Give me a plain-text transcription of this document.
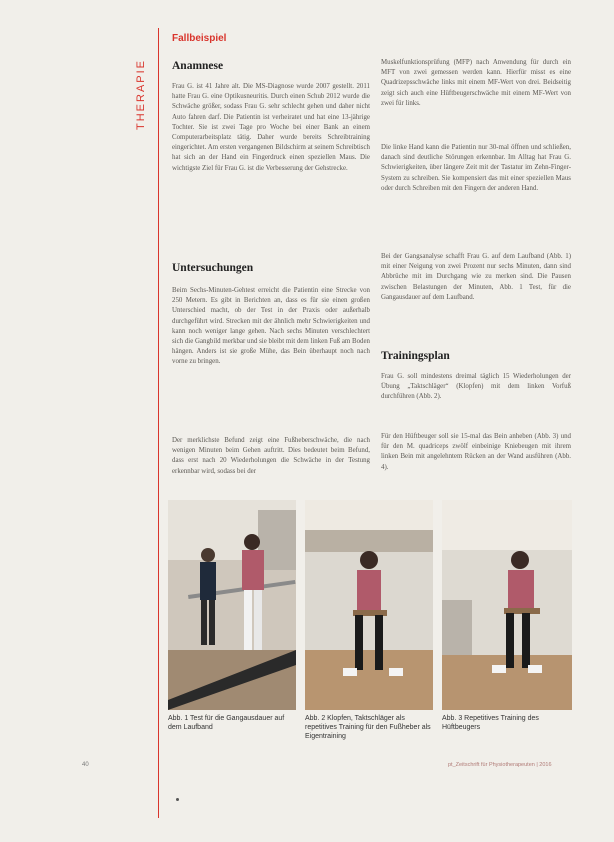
THERAPIE
Fallbeispiel
Anamnese
Frau G. ist 41 Jahre alt. Die MS-Diagnose wurde 2007 gestellt. 2011 hatte Frau G. eine Optikusneuritis. Durch einen Schub 2012 wurde die Schwäche größer, sodass Frau G. sehr schlecht gehen und daher nicht Auto fahren darf. Die Patientin ist verheiratet und hat eine 13-jährige Tochter. Sie ist zwei Tage pro Woche bei einer Bank an einem Computerarbeitsplatz tätig. Daher wurde bereits Schreibtraining eingerichtet. Am ersten vergangenen Bildschirm at seinem Schreibtisch hat sich an der Hand ein Fingerdruck einen speziellen Maus. Die wichtigste Ziel für Frau G. ist die Verbesserung der Gehstrecke.
Untersuchungen
Beim Sechs-Minuten-Gehtest erreicht die Patientin eine Strecke von 250 Metern. Es gibt in Berichten an, dass es für sie einen großen Unterschied macht, ob der Test in der Praxis oder außerhalb durchgeführt wird. Strecken mit der ähnlich mehr Schwierigkeiten und kann noch weniger lange gehen. Nach sechs Minuten verschlechtert sich die Gangbild merkbar und sie bleibt mit dem linken Fuß am Boden hängen. Anders ist sie große Mühe, das Bein überhaupt noch nach vorne zu bringen.
Der merklichste Befund zeigt eine Fußheberschwäche, die nach wenigen Minuten beim Gehen auftritt. Dies bedeutet beim Befund, dass erst nach 20 Wiederholungen die Schwäche in der Testung erkennbar wird, sodass bei der
Muskelfunktionsprüfung (MFP) nach Anwendung für durch ein MFT von zwei gemessen werden kann. Hierfür misst es eine Quadrizepsschwäche links mit einem MF-Wert von drei. Beidseitig zeigt sich auch eine Hüftbeugerschwäche mit einem MF-Wert von zwei für links.
Die linke Hand kann die Patientin nur 30-mal öffnen und schließen, danach sind deutliche Störungen erkennbar. Im Alltag hat Frau G. Schwierigkeiten, über längere Zeit mit der Tastatur im Zehn-Finger-System zu schreiben. Sie kompensiert das mit einer speziellen Maus oder durch Schreiben mit den Fingern der anderen Hand.
Bei der Gangsanalyse schafft Frau G. auf dem Laufband (Abb. 1) mit einer Neigung von zwei Prozent nur sechs Minuten, dann sind Abbrüche mit im Durchgang wie zu merken sind. Die Pausen zwischen Belastungen der Minuten, Abb. 1 Test, für die Gangausdauer auf dem Laufband.
Trainingsplan
Frau G. soll mindestens dreimal täglich 15 Wiederholungen der Übung „Taktschläger“ (Klopfen) mit dem linken Vorfuß durchführen (Abb. 2).
Für den Hüftbeuger soll sie 15-mal das Bein anheben (Abb. 3) und für den M. quadriceps zwölf einbeinige Kniebeugen mit ihrem linken Bein mit angelehntem Rücken an der Wand ausführen (Abb. 4).
Abb. 1 Test für die Gangausdauer auf dem Laufband
Abb. 2 Klopfen, Taktschläger als repetitives Training für den Fußheber als Eigentraining
Abb. 3 Repetitives Training des Hüftbeugers
40	pt_Zeitschrift für Physiotherapeuten | 2016
